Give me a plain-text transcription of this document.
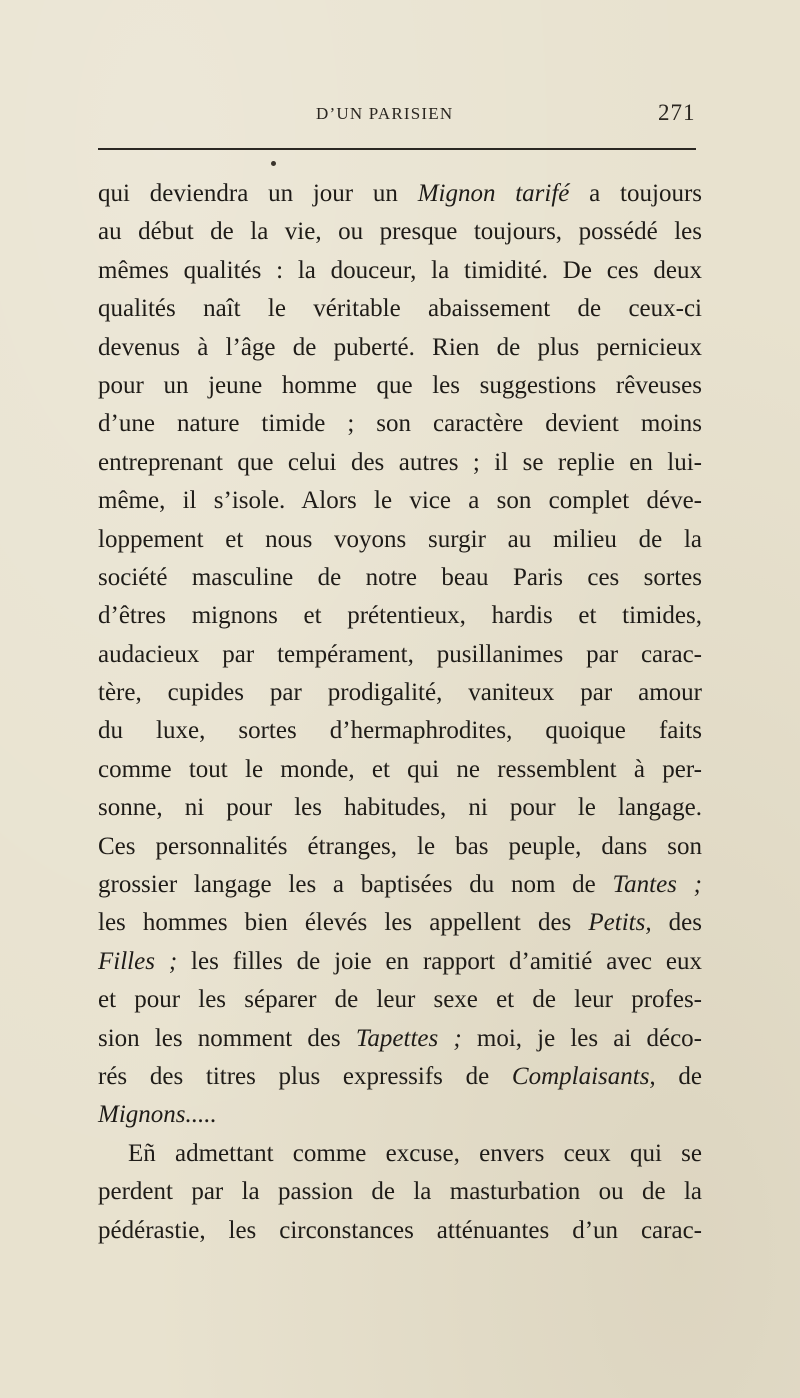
D’UN PARISIEN	271
qui deviendra un jour un Mignon tarifé a toujours
au début de la vie, ou presque toujours, possédé les
mêmes qualités : la douceur, la timidité. De ces deux
qualités naît le véritable abaissement de ceux-ci
devenus à l’âge de puberté. Rien de plus pernicieux
pour un jeune homme que les suggestions rêveuses
d’une nature timide ; son caractère devient moins
entreprenant que celui des autres ; il se replie en lui-
même, il s’isole. Alors le vice a son complet déve-
loppement et nous voyons surgir au milieu de la
société masculine de notre beau Paris ces sortes
d’êtres mignons et prétentieux, hardis et timides,
audacieux par tempérament, pusillanimes par carac-
tère, cupides par prodigalité, vaniteux par amour
du luxe, sortes d’hermaphrodites, quoique faits
comme tout le monde, et qui ne ressemblent à per-
sonne, ni pour les habitudes, ni pour le langage.
Ces personnalités étranges, le bas peuple, dans son
grossier langage les a baptisées du nom de Tantes ;
les hommes bien élevés les appellent des Petits, des
Filles ; les filles de joie en rapport d’amitié avec eux
et pour les séparer de leur sexe et de leur profes-
sion les nomment des Tapettes ; moi, je les ai déco-
rés des titres plus expressifs de Complaisants, de
Mignons.....
Eñ admettant comme excuse, envers ceux qui se
perdent par la passion de la masturbation ou de la
pédérastie, les circonstances atténuantes d’un carac-
